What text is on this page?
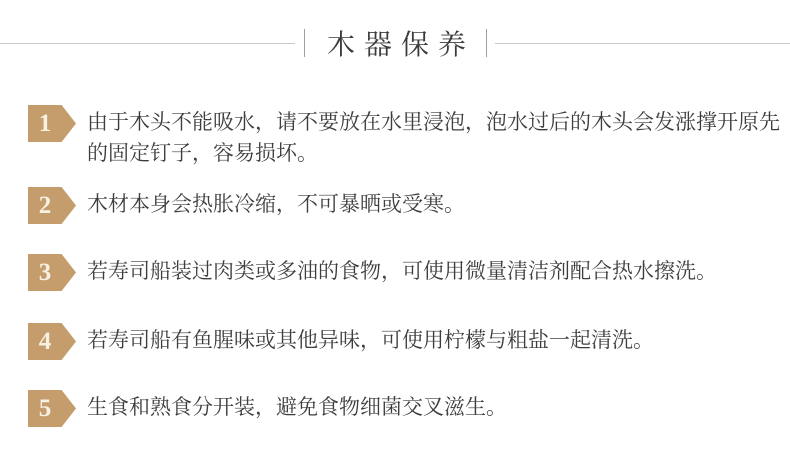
木器保养
1	由于木头不能吸水，请不要放在水里浸泡，泡水过后的木头会发涨撑开原先的固定钉子，容易损坏。
2	木材本身会热胀冷缩，不可暴晒或受寒。
3	若寿司船装过肉类或多油的食物，可使用微量清洁剂配合热水擦洗。
4	若寿司船有鱼腥味或其他异味，可使用柠檬与粗盐一起清洗。
5	生食和熟食分开装，避免食物细菌交叉滋生。
